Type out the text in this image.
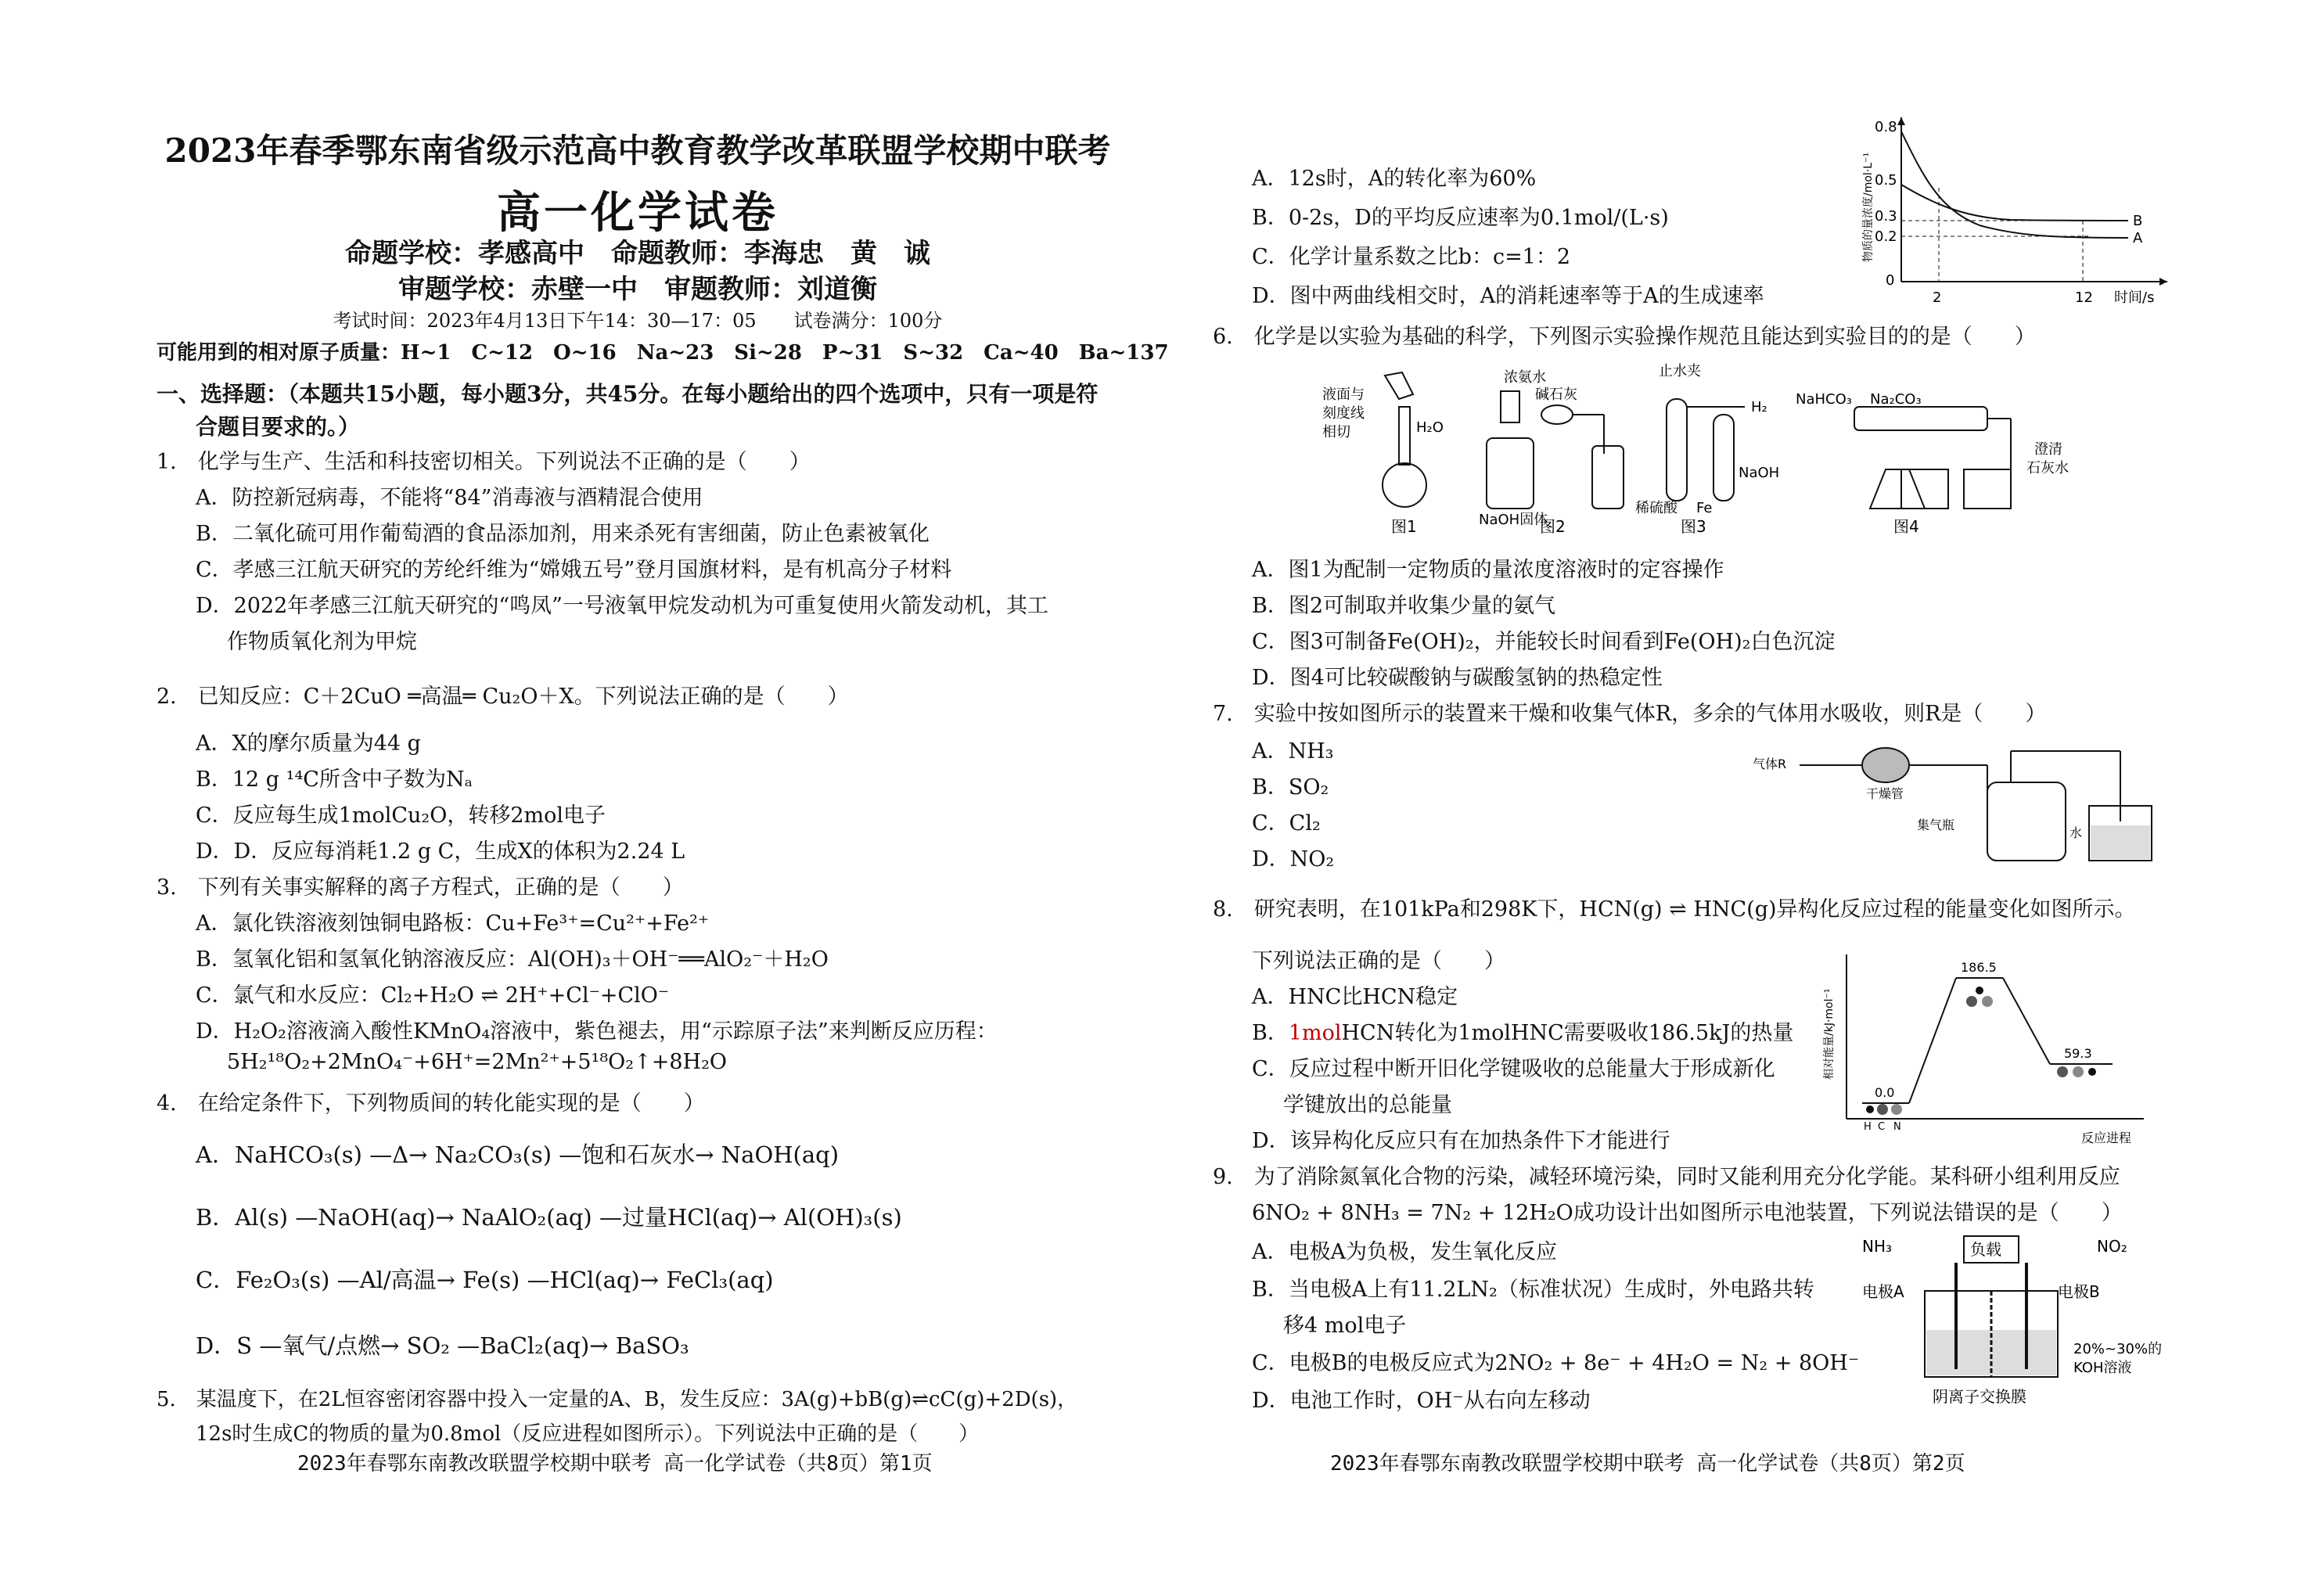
2023年春季鄂东南省级示范高中教育教学改革联盟学校期中联考
高一化学试卷
命题学校：孝感高中　命题教师：李海忠　黄　诚
审题学校：赤壁一中　审题教师：刘道衡
考试时间：2023年4月13日下午14：30—17：05　　试卷满分：100分
可能用到的相对原子质量：H~1　C~12　O~16　Na~23　Si~28　P~31　S~32　Ca~40　Ba~137
一、选择题：（本题共15小题，每小题3分，共45分。在每小题给出的四个选项中，只有一项是符
合题目要求的。）
1.　化学与生产、生活和科技密切相关。下列说法不正确的是（　　）
A．防控新冠病毒，不能将“84”消毒液与酒精混合使用
B．二氧化硫可用作葡萄酒的食品添加剂，用来杀死有害细菌，防止色素被氧化
C．孝感三江航天研究的芳纶纤维为“嫦娥五号”登月国旗材料，是有机高分子材料
D．2022年孝感三江航天研究的“鸣凤”一号液氧甲烷发动机为可重复使用火箭发动机，其工
作物质氧化剂为甲烷
2.　已知反应：C＋2CuO ═高温═ Cu₂O＋X。下列说法正确的是（　　）
A．X的摩尔质量为44 g
B．12 g ¹⁴C所含中子数为Nₐ
C．反应每生成1molCu₂O，转移2mol电子
D．D．反应每消耗1.2 g C，生成X的体积为2.24 L
3.　下列有关事实解释的离子方程式，正确的是（　　）
A．氯化铁溶液刻蚀铜电路板：Cu+Fe³⁺=Cu²⁺+Fe²⁺
B．氢氧化铝和氢氧化钠溶液反应：Al(OH)₃＋OH⁻══AlO₂⁻＋H₂O
C．氯气和水反应：Cl₂+H₂O ⇌ 2H⁺+Cl⁻+ClO⁻
D．H₂O₂溶液滴入酸性KMnO₄溶液中，紫色褪去，用“示踪原子法”来判断反应历程：
5H₂¹⁸O₂+2MnO₄⁻+6H⁺=2Mn²⁺+5¹⁸O₂↑+8H₂O
4.　在给定条件下，下列物质间的转化能实现的是（　　）
A．NaHCO₃(s) —Δ→ Na₂CO₃(s) —饱和石灰水→ NaOH(aq)
B．Al(s) —NaOH(aq)→ NaAlO₂(aq) —过量HCl(aq)→ Al(OH)₃(s)
C．Fe₂O₃(s) —Al/高温→ Fe(s) —HCl(aq)→ FeCl₃(aq)
D．S —氧气/点燃→ SO₂ —BaCl₂(aq)→ BaSO₃
5.　某温度下，在2L恒容密闭容器中投入一定量的A、B，发生反应：3A(g)+bB(g)⇌cC(g)+2D(s)，
12s时生成C的物质的量为0.8mol（反应进程如图所示）。下列说法中正确的是（　　）
2023年春鄂东南教改联盟学校期中联考 高一化学试卷（共8页）第1页
A．12s时，A的转化率为60%
B．0-2s，D的平均反应速率为0.1mol/(L·s)
C．化学计量系数之比b：c=1：2
D．图中两曲线相交时，A的消耗速率等于A的生成速率
6.　化学是以实验为基础的科学，下列图示实验操作规范且能达到实验目的的是（　　）
A．图1为配制一定物质的量浓度溶液时的定容操作
B．图2可制取并收集少量的氨气
C．图3可制备Fe(OH)₂，并能较长时间看到Fe(OH)₂白色沉淀
D．图4可比较碳酸钠与碳酸氢钠的热稳定性
7.　实验中按如图所示的装置来干燥和收集气体R，多余的气体用水吸收，则R是（　　）
A．NH₃
B．SO₂
C．Cl₂
D．NO₂
8.　研究表明，在101kPa和298K下，HCN(g) ⇌ HNC(g)异构化反应过程的能量变化如图所示。
下列说法正确的是（　　）
A．HNC比HCN稳定
B．1molHCN转化为1molHNC需要吸收186.5kJ的热量
C．反应过程中断开旧化学键吸收的总能量大于形成新化
学键放出的总能量
D．该异构化反应只有在加热条件下才能进行
9.　为了消除氮氧化合物的污染，减轻环境污染，同时又能利用充分化学能。某科研小组利用反应
6NO₂ + 8NH₃ = 7N₂ + 12H₂O成功设计出如图所示电池装置，下列说法错误的是（　　）
A．电极A为负极，发生氧化反应
B．当电极A上有11.2LN₂（标准状况）生成时，外电路共转
移4 mol电子
C．电极B的电极反应式为2NO₂ + 8e⁻ + 4H₂O = N₂ + 8OH⁻
D．电池工作时，OH⁻从右向左移动
2023年春鄂东南教改联盟学校期中联考 高一化学试卷（共8页）第2页
0.8
0.5
0.3
0.2
0
2	12 时间/s
物质的量浓度/mol·L⁻¹	B
A
液面与
刻度线
相切	H₂O
图1
浓氨水
碱石灰
NaOH固体
图2
止水夹
H₂
稀硫酸 Fe
NaOH
图3
NaHCO₃ Na₂CO₃
澄清
石灰水
图4
气体R
干燥管
集气瓶
水
相对能量/kJ·mol⁻¹
反应进程
0.0
186.5
59.3
H C N
NH₃	NO₂
负载
电极A	电极B
20%~30%的
KOH溶液
阴离子交换膜
